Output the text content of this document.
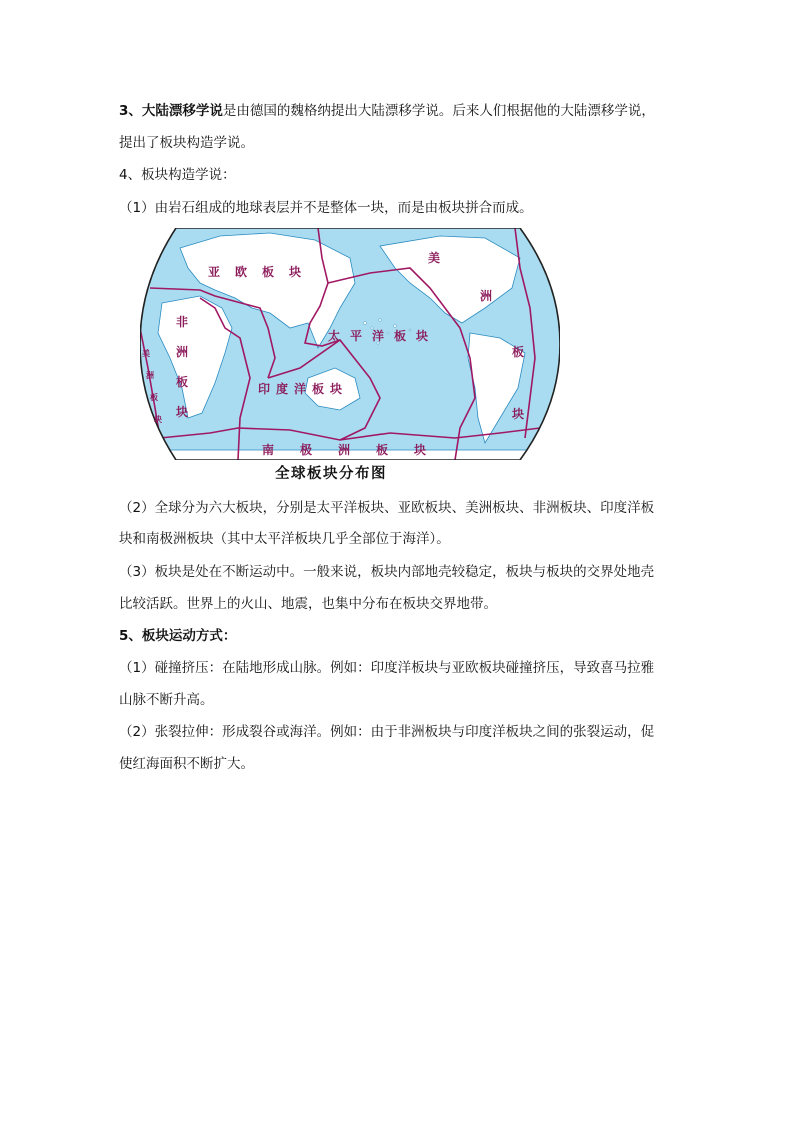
3、大陆漂移学说是由德国的魏格纳提出大陆漂移学说。后来人们根据他的大陆漂移学说，
提出了板块构造学说。
4、板块构造学说：
（1）由岩石组成的地球表层并不是整体一块，而是由板块拼合而成。
亚 欧 板 块
非
洲
板
块
太 平 洋 板 块
印 度 洋 板 块
南 极 洲 板 块
美
洲
板
块
美
洲
板
块
全球板块分布图
（2）全球分为六大板块，分别是太平洋板块、亚欧板块、美洲板块、非洲板块、印度洋板
块和南极洲板块（其中太平洋板块几乎全部位于海洋）。
（3）板块是处在不断运动中。一般来说，板块内部地壳较稳定，板块与板块的交界处地壳
比较活跃。世界上的火山、地震，也集中分布在板块交界地带。
5、板块运动方式：
（1）碰撞挤压：在陆地形成山脉。例如：印度洋板块与亚欧板块碰撞挤压，导致喜马拉雅
山脉不断升高。
（2）张裂拉伸：形成裂谷或海洋。例如：由于非洲板块与印度洋板块之间的张裂运动，促
使红海面积不断扩大。
